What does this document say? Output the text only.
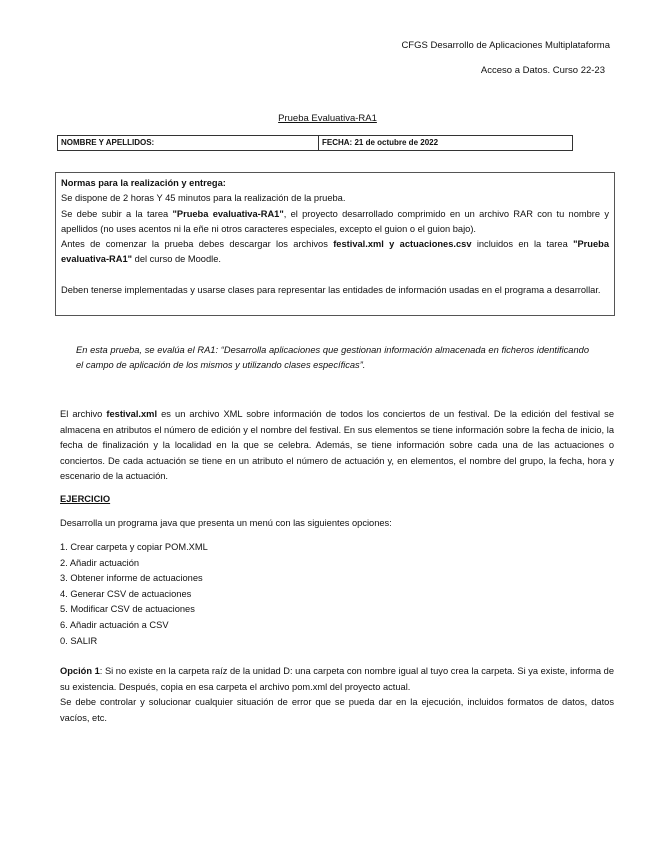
CFGS Desarrollo de Aplicaciones Multiplataforma
Acceso a Datos. Curso 22-23
Prueba Evaluativa-RA1
NOMBRE Y APELLIDOS:	FECHA: 21 de octubre de 2022

Normas para la realización y entrega:

Se dispone de 2 horas Y 45 minutos para la realización de la prueba.

Se debe subir a la tarea "Prueba evaluativa-RA1", el proyecto desarrollado comprimido en un archivo RAR con tu nombre y apellidos (no uses acentos ni la eñe ni otros caracteres especiales, excepto el guion o el guion bajo).

Antes de comenzar la prueba debes descargar los archivos festival.xml y actuaciones.csv incluidos en la tarea "Prueba evaluativa-RA1" del curso de Moodle.

Deben tenerse implementadas y usarse clases para representar las entidades de información usadas en el programa a desarrollar.

En esta prueba, se evalúa el RA1: “Desarrolla aplicaciones que gestionan información almacenada en ficheros identificando el campo de aplicación de los mismos y utilizando clases específicas”.

El archivo festival.xml es un archivo XML sobre información de todos los conciertos de un festival. De la edición del festival se almacena en atributos el número de edición y el nombre del festival. En sus elementos se tiene información sobre la fecha de inicio, la fecha de finalización y la localidad en la que se celebra. Además, se tiene información sobre cada una de las actuaciones o conciertos. De cada actuación se tiene en un atributo el número de actuación y, en elementos, el nombre del grupo, la fecha, hora y escenario de la actuación.

EJERCICIO
Desarrolla un programa java que presenta un menú con las siguientes opciones:
1. Crear carpeta y copiar POM.XML
2. Añadir actuación
3. Obtener informe de actuaciones
4. Generar CSV de actuaciones
5. Modificar CSV de actuaciones
6. Añadir actuación a CSV
0. SALIR

Opción 1: Si no existe en la carpeta raíz de la unidad D: una carpeta con nombre igual al tuyo crea la carpeta. Si ya existe, informa de su existencia. Después, copia en esa carpeta el archivo pom.xml del proyecto actual.

Se debe controlar y solucionar cualquier situación de error que se pueda dar en la ejecución, incluidos formatos de datos, datos vacíos, etc.
